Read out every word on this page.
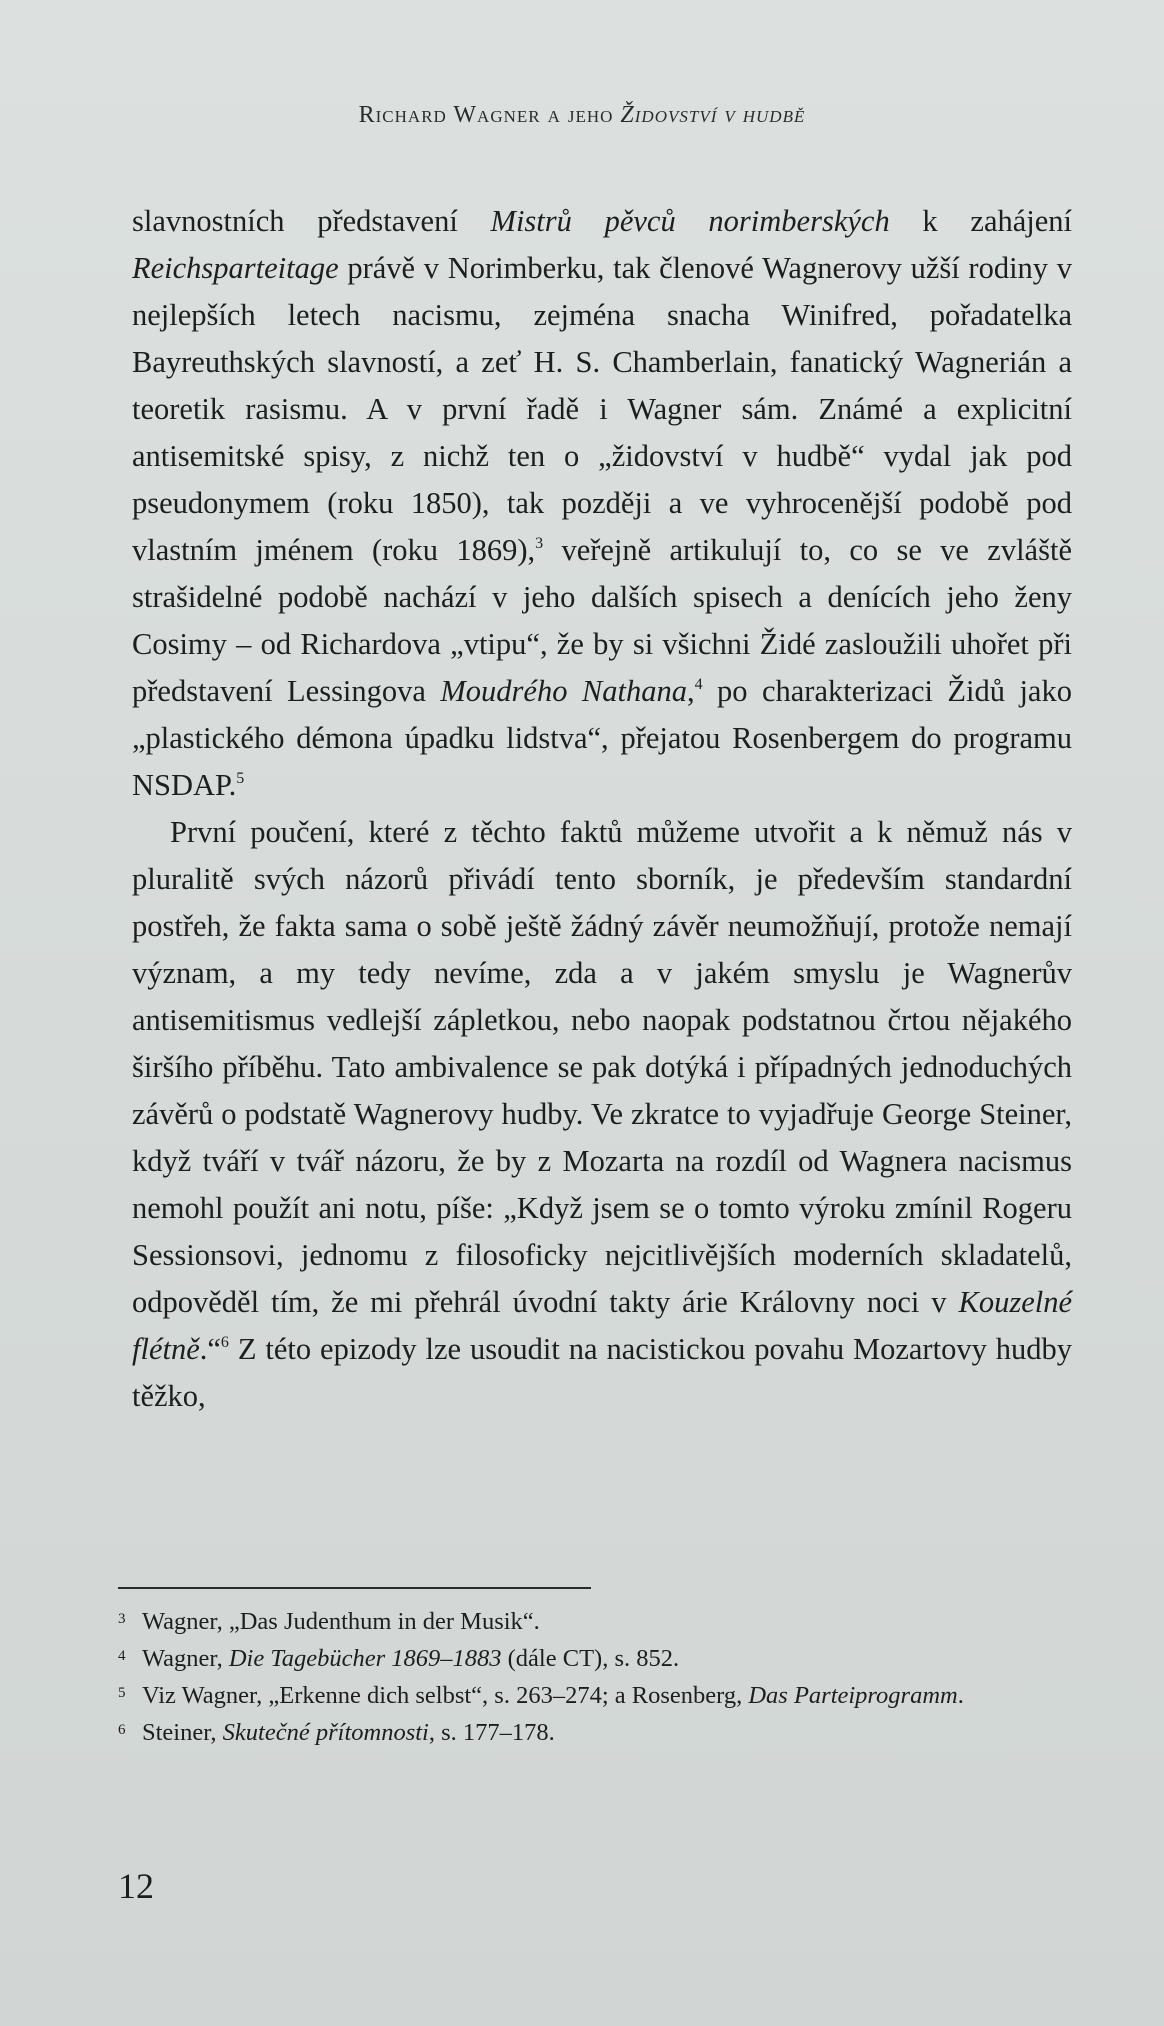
Richard Wagner a jeho Židovství v hudbě

slavnostních představení Mistrů pěvců norimberských k zahájení Reichsparteitage právě v Norimberku, tak členové Wagnerovy užší rodiny v nejlepších letech nacismu, zejména snacha Winifred, pořadatelka Bayreuthských slavností, a zeť H. S. Chamberlain, fanatický Wagnerián a teoretik rasismu. A v první řadě i Wagner sám. Známé a explicitní antisemitské spisy, z nichž ten o „židovství v hudbě“ vydal jak pod pseudonymem (roku 1850), tak později a ve vyhrocenější podobě pod vlastním jménem (roku 1869),$^3$ veřejně artikulují to, co se ve zvláště strašidelné podobě nachází v jeho dalších spisech a denících jeho ženy Cosimy – od Richardova „vtipu“, že by si všichni Židé zasloužili uhořet při představení Lessingova Moudrého Nathana,$^4$ po charakterizaci Židů jako „plastického démona úpadku lidstva“, přejatou Rosenbergem do programu NSDAP.$^5$

První poučení, které z těchto faktů můžeme utvořit a k němuž nás v pluralitě svých názorů přivádí tento sborník, je především standardní postřeh, že fakta sama o sobě ještě žádný závěr neumožňují, protože nemají význam, a my tedy nevíme, zda a v jakém smyslu je Wagnerův antisemitismus vedlejší zápletkou, nebo naopak podstatnou črtou nějakého širšího příběhu. Tato ambivalence se pak dotýká i případných jednoduchých závěrů o podstatě Wagnerovy hudby. Ve zkratce to vyjadřuje George Steiner, když tváří v tvář názoru, že by z Mozarta na rozdíl od Wagnera nacismus nemohl použít ani notu, píše: „Když jsem se o tomto výroku zmínil Rogeru Sessionsovi, jednomu z filosoficky nejcitlivějších moderních skladatelů, odpověděl tím, že mi přehrál úvodní takty árie Královny noci v Kouzelné flétně.“$^6$ Z této epizody lze usoudit na nacistickou povahu Mozartovy hudby těžko,

3 Wagner, „Das Judenthum in der Musik“.
4 Wagner, Die Tagebücher 1869–1883 (dále CT), s. 852.
5 Viz Wagner, „Erkenne dich selbst“, s. 263–274; a Rosenberg, Das Parteiprogramm.
6 Steiner, Skutečné přítomnosti, s. 177–178.
12
